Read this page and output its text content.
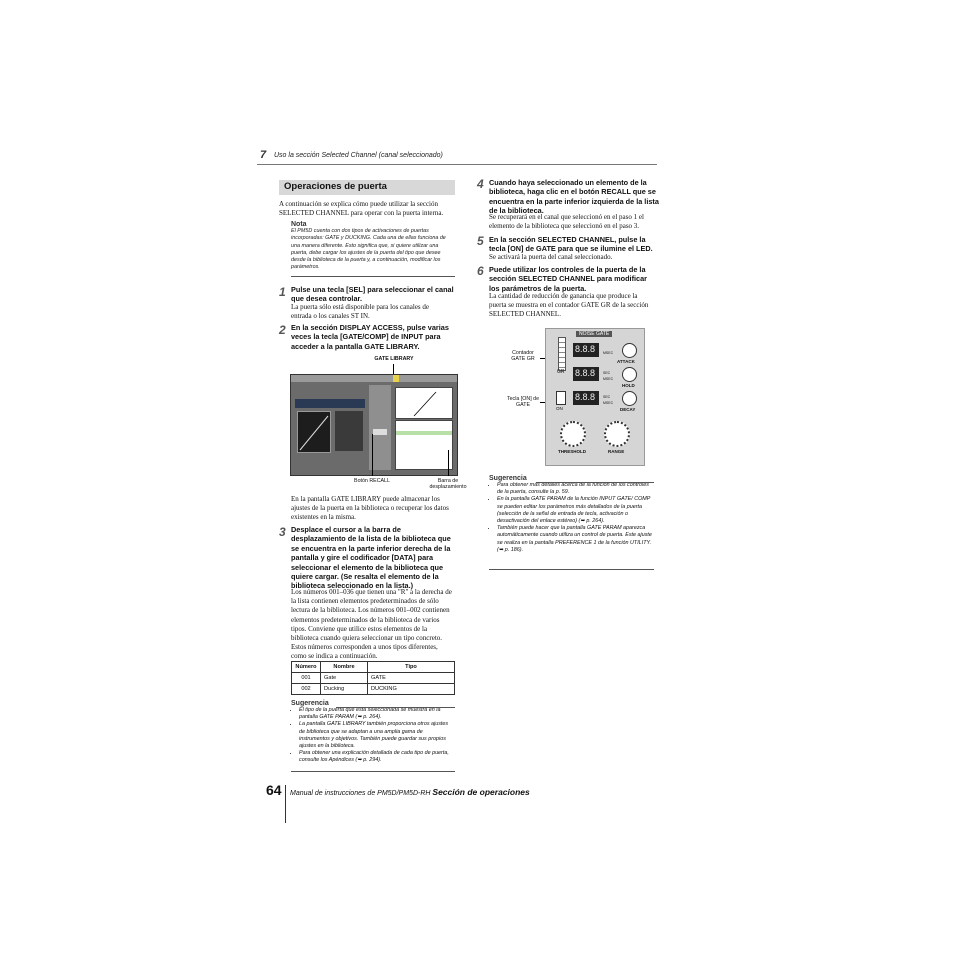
7 Uso la sección Selected Channel (canal seleccionado)
Operaciones de puerta
A continuación se explica cómo puede utilizar la sección SELECTED CHANNEL para operar con la puerta interna.
Nota
El PM5D cuenta con dos tipos de activaciones de puertas incorporadas: GATE y DUCKING. Cada una de ellas funciona de una manera diferente. Esto significa que, si quiere utilizar una puerta, debe cargar los ajustes de la puerta del tipo que desee desde la biblioteca de la puerta y, a continuación, modificar los parámetros.
1 Pulse una tecla [SEL] para seleccionar el canal que desea controlar.
La puerta sólo está disponible para los canales de entrada o los canales ST IN.
2 En la sección DISPLAY ACCESS, pulse varias veces la tecla [GATE/COMP] de INPUT para acceder a la pantalla GATE LIBRARY.
GATE LIBRARY
Botón RECALL	Barra de desplazamiento
En la pantalla GATE LIBRARY puede almacenar los ajustes de la puerta en la biblioteca o recuperar los datos existentes en la misma.
3 Desplace el cursor a la barra de desplazamiento de la lista de la biblioteca que se encuentra en la parte inferior derecha de la pantalla y gire el codificador [DATA] para seleccionar el elemento de la biblioteca que quiere cargar. (Se resalta el elemento de la biblioteca seleccionado en la lista.)
Los números 001–036 que tienen una "R" a la derecha de la lista contienen elementos predeterminados de sólo lectura de la biblioteca. Los números 001–002 contienen elementos predeterminados de la biblioteca de varios tipos. Conviene que utilice estos elementos de la biblioteca cuando quiera seleccionar un tipo concreto. Estos números corresponden a unos tipos diferentes, como se indica a continuación.
Número	Nombre	Tipo
001	Gate	GATE
002	Ducking	DUCKING
Sugerencia
• El tipo de la puerta que está seleccionada se muestra en la pantalla GATE PARAM (➥ p. 264).
• La pantalla GATE LIBRARY también proporciona otros ajustes de biblioteca que se adaptan a una amplia gama de instrumentos y objetivos. También puede guardar sus propios ajustes en la biblioteca.
• Para obtener una explicación detallada de cada tipo de puerta, consulte los Apéndices (➥ p. 294).
4 Cuando haya seleccionado un elemento de la biblioteca, haga clic en el botón RECALL que se encuentra en la parte inferior izquierda de la lista de la biblioteca.
Se recuperará en el canal que seleccionó en el paso 1 el elemento de la biblioteca que seleccionó en el paso 3.
5 En la sección SELECTED CHANNEL, pulse la tecla [ON] de GATE para que se ilumine el LED.
Se activará la puerta del canal seleccionado.
6 Puede utilizar los controles de la puerta de la sección SELECTED CHANNEL para modificar los parámetros de la puerta.
La cantidad de reducción de ganancia que produce la puerta se muestra en el contador GATE GR de la sección SELECTED CHANNEL.
Contador GATE GR
Tecla [ON] de GATE
NOISE GATE
GR
8.8.8 MSEC
ATTACK
8.8.8 SEC
MSEC
HOLD
ON
8.8.8 SEC
MSEC
DECAY
THRESHOLD	RANGE
Sugerencia
• Para obtener más detalles acerca de la función de los controles de la puerta, consulte la p. 59.
• En la pantalla GATE PARAM de la función INPUT GATE/ COMP se pueden editar los parámetros más detallados de la puerta (selección de la señal de entrada de tecla, activación o desactivación del enlace estéreo) (➥ p. 264).
• También puede hacer que la pantalla GATE PARAM aparezca automáticamente cuando utiliza un control de puerta. Este ajuste se realiza en la pantalla PREFERENCE 1 de la función UTILITY. (➥ p. 186).
64 Manual de instrucciones de PM5D/PM5D-RH Sección de operaciones
